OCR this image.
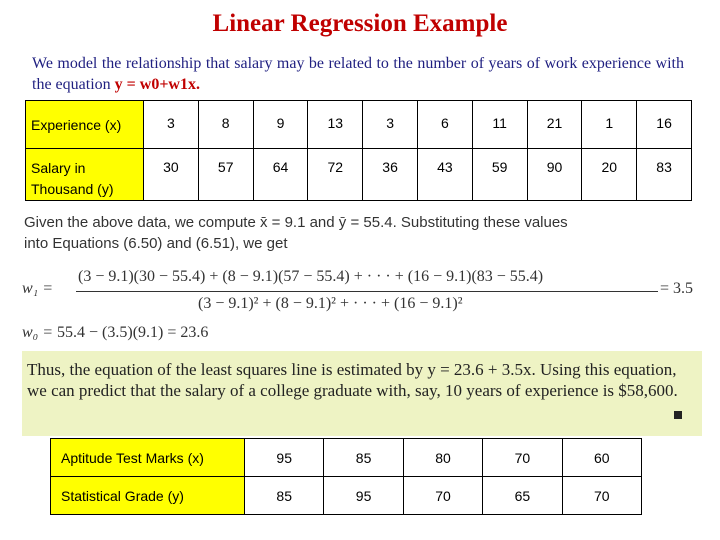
Linear Regression Example
We model the relationship that salary may be related to the number of years of work experience with the equation y = w0+w1x.
Experience (x)	3	8	9	13	3	6	11	21	1	16
Salary in Thousand (y)	30	57	64	72	36	43	59	90	20	83
Given the above data, we compute x̄ = 9.1 and ȳ = 55.4. Substituting these values
into Equations (6.50) and (6.51), we get
w₁ =
(3 − 9.1)(30 − 55.4) + (8 − 9.1)(57 − 55.4) + · · · + (16 − 9.1)(83 − 55.4)
(3 − 9.1)² + (8 − 9.1)² + · · · + (16 − 9.1)²
= 3.5
w₀ = 55.4 − (3.5)(9.1) = 23.6
Thus, the equation of the least squares line is estimated by y = 23.6 + 3.5x. Using this equation, we can predict that the salary of a college graduate with, say, 10 years of experience is $58,600.
Aptitude Test Marks (x)	95	85	80	70	60
Statistical Grade (y)	85	95	70	65	70
